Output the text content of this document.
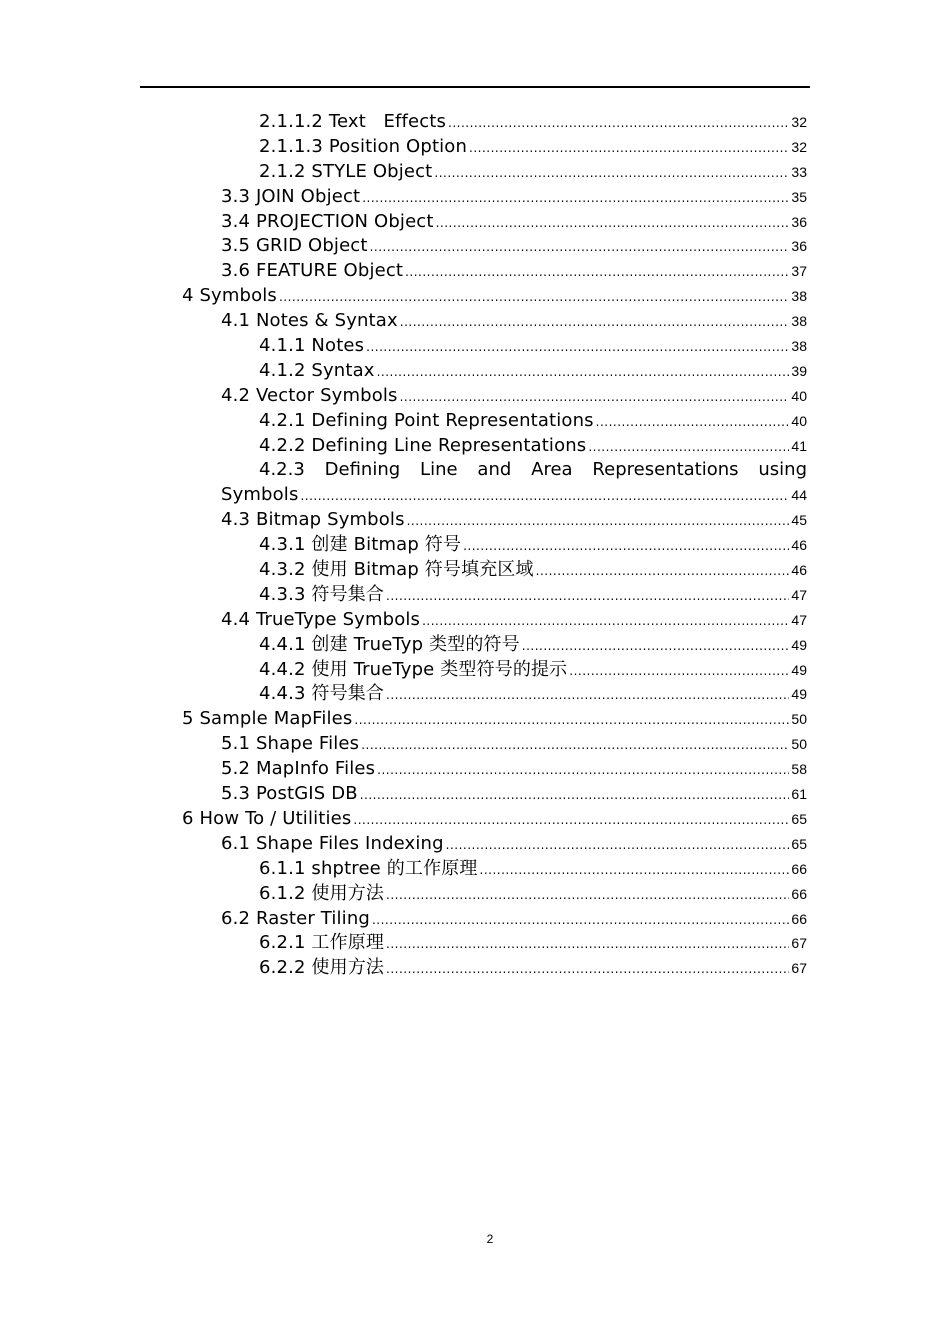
2.1.1.2 Text   Effects .....	32
2.1.1.3 Position Option .....	32
2.1.2 STYLE Object .....	33
3.3 JOIN Object .....	35
3.4 PROJECTION Object .....	36
3.5 GRID Object .....	36
3.6 FEATURE Object .....	37
4 Symbols .....	38
4.1 Notes & Syntax .....	38
4.1.1 Notes .....	38
4.1.2 Syntax .....	39
4.2 Vector Symbols .....	40
4.2.1 Defining Point Representations .....	40
4.2.2 Defining Line Representations .....	41
4.2.3 Defining Line and Area Representations using
Symbols .....	44
4.3 Bitmap Symbols .....	45
4.3.1 创建 Bitmap 符号 .....	46
4.3.2 使用 Bitmap 符号填充区域 .....	46
4.3.3 符号集合 .....	47
4.4 TrueType Symbols .....	47
4.4.1 创建 TrueTyp 类型的符号 .....	49
4.4.2 使用 TrueType 类型符号的提示 .....	49
4.4.3 符号集合 .....	49
5 Sample MapFiles .....	50
5.1 Shape Files .....	50
5.2 MapInfo Files .....	58
5.3 PostGIS DB .....	61
6 How To / Utilities .....	65
6.1 Shape Files Indexing .....	65
6.1.1 shptree 的工作原理 .....	66
6.1.2 使用方法 .....	66
6.2 Raster Tiling .....	66
6.2.1 工作原理 .....	67
6.2.2 使用方法 .....	67
2
